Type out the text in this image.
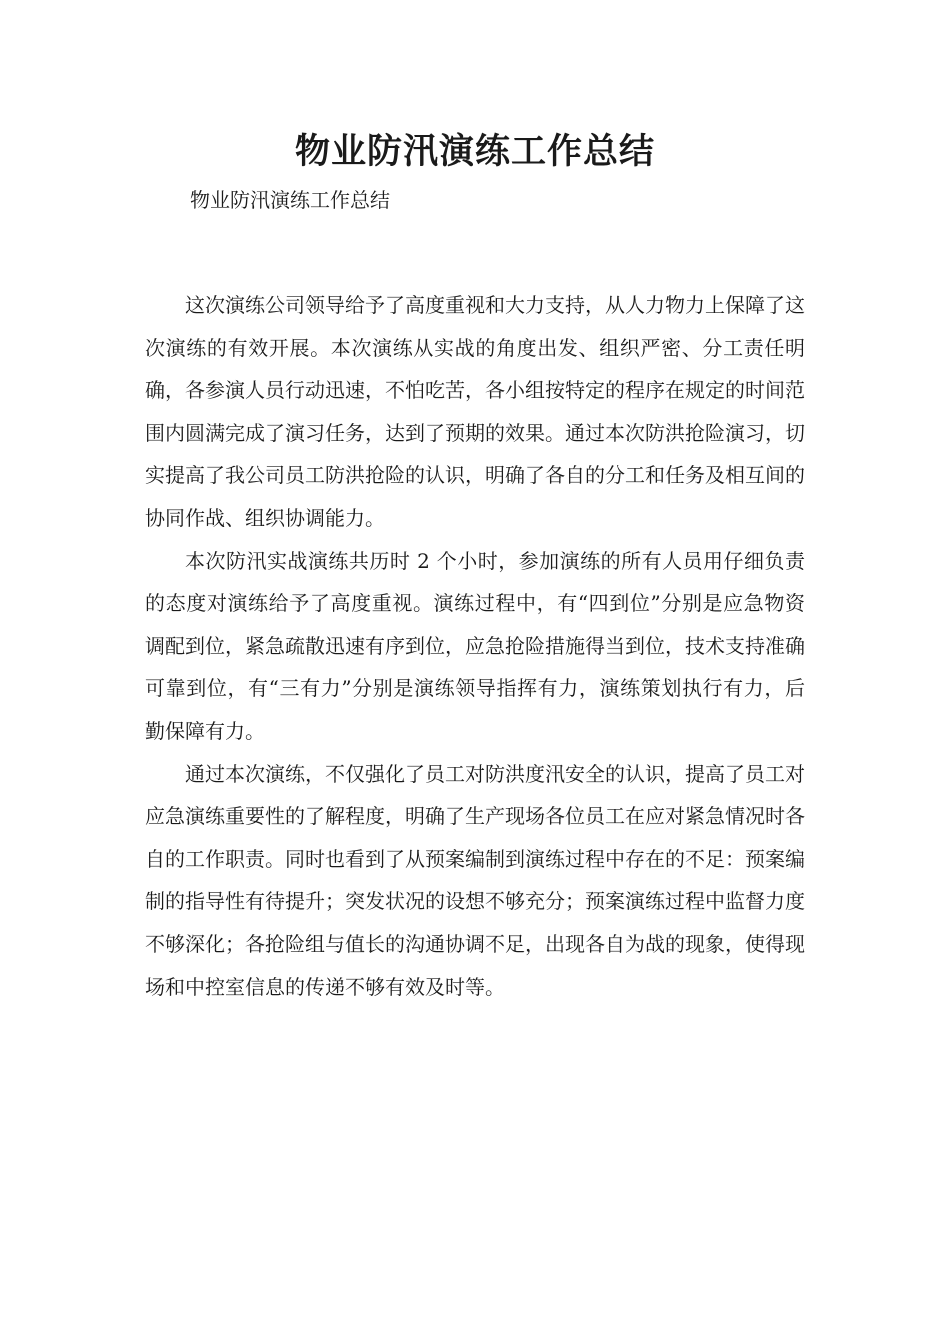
物业防汛演练工作总结

物业防汛演练工作总结

这次演练公司领导给予了高度重视和大力支持，从人力物力上保障了这次演练的有效开展。本次演练从实战的角度出发、组织严密、分工责任明确，各参演人员行动迅速，不怕吃苦，各小组按特定的程序在规定的时间范围内圆满完成了演习任务，达到了预期的效果。通过本次防洪抢险演习，切实提高了我公司员工防洪抢险的认识，明确了各自的分工和任务及相互间的协同作战、组织协调能力。

本次防汛实战演练共历时 2 个小时，参加演练的所有人员用仔细负责的态度对演练给予了高度重视。演练过程中，有“四到位”分别是应急物资调配到位，紧急疏散迅速有序到位，应急抢险措施得当到位，技术支持准确可靠到位，有“三有力”分别是演练领导指挥有力，演练策划执行有力，后勤保障有力。

通过本次演练，不仅强化了员工对防洪度汛安全的认识，提高了员工对应急演练重要性的了解程度，明确了生产现场各位员工在应对紧急情况时各自的工作职责。同时也看到了从预案编制到演练过程中存在的不足：预案编制的指导性有待提升；突发状况的设想不够充分；预案演练过程中监督力度不够深化；各抢险组与值长的沟通协调不足，出现各自为战的现象，使得现场和中控室信息的传递不够有效及时等。
